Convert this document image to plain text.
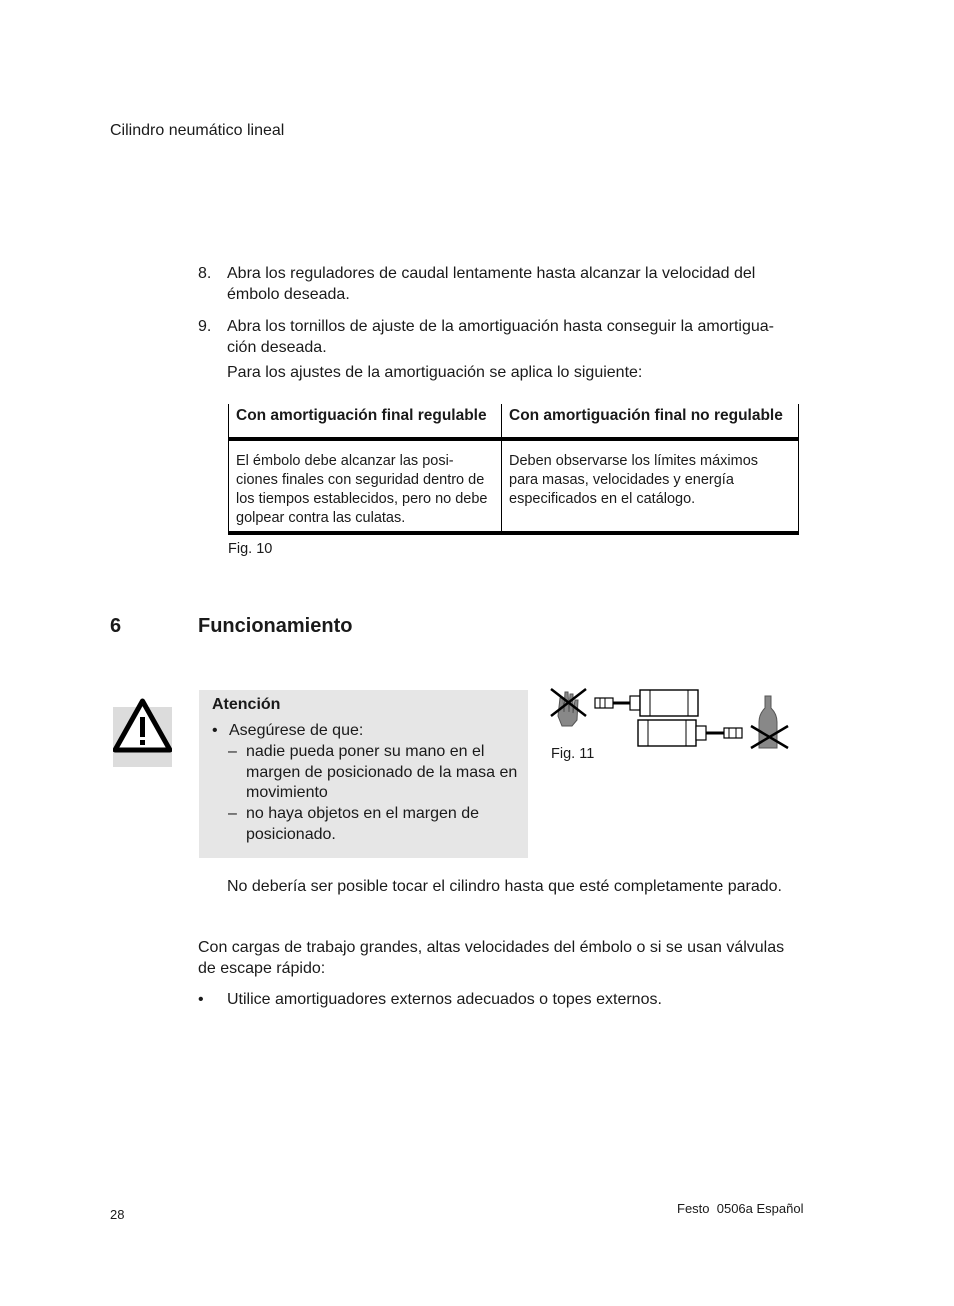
Cilindro neumático lineal
8. Abra los reguladores de caudal lentamente hasta alcanzar la velocidad del émbolo deseada.
9. Abra los tornillos de ajuste de la amortiguación hasta conseguir la amortigua-ción deseada.
Para los ajustes de la amortiguación se aplica lo siguiente:
Con amortiguación final regulable	Con amortiguación final no regulable
El émbolo debe alcanzar las posi-ciones finales con seguridad dentro de los tiempos establecidos, pero no debe golpear contra las culatas.	Deben observarse los límites máximos para masas, velocidades y energía especificados en el catálogo.
Fig. 10
6	Funcionamiento
Atención
• Asegúrese de que:
– nadie pueda poner su mano en el margen de posicionado de la masa en movimiento
– no haya objetos en el margen de posicionado.
Fig. 11
No debería ser posible tocar el cilindro hasta que esté completamente parado.
Con cargas de trabajo grandes, altas velocidades del émbolo o si se usan válvulas de escape rápido:
• Utilice amortiguadores externos adecuados o topes externos.
28	Festo  0506a Español
